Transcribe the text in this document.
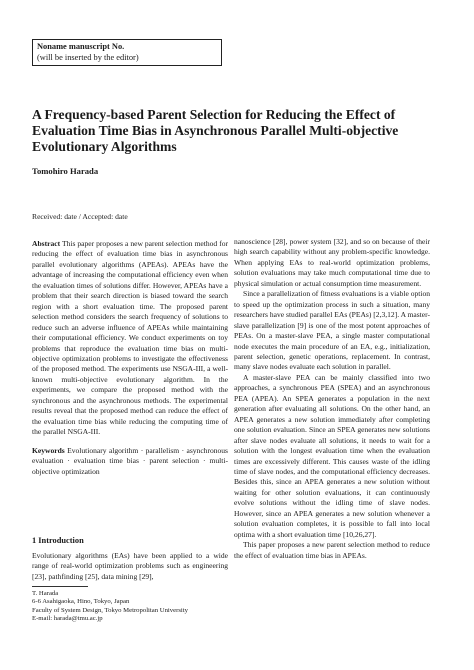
Noname manuscript No.
(will be inserted by the editor)
A Frequency-based Parent Selection for Reducing the Effect of Evaluation Time Bias in Asynchronous Parallel Multi-objective Evolutionary Algorithms
Tomohiro Harada
Received: date / Accepted: date

Abstract This paper proposes a new parent selection method for reducing the effect of evaluation time bias in asynchronous parallel evolutionary algorithms (APEAs). APEAs have the advantage of increasing the computational efficiency even when the evaluation times of solutions differ. However, APEAs have a problem that their search direction is biased toward the search region with a short evaluation time. The proposed parent selection method considers the search frequency of solutions to reduce such an adverse influence of APEAs while maintaining their computational efficiency. We conduct experiments on toy problems that reproduce the evaluation time bias on multi-objective optimization problems to investigate the effectiveness of the proposed method. The experiments use NSGA-III, a well-known multi-objective evolutionary algorithm. In the experiments, we compare the proposed method with the synchronous and the asynchronous methods. The experimental results reveal that the proposed method can reduce the effect of the evaluation time bias while reducing the computing time of the parallel NSGA-III.

Keywords Evolutionary algorithm · parallelism · asynchronous evaluation · evaluation time bias · parent selection · multi-objective optimization

1 Introduction

Evolutionary algorithms (EAs) have been applied to a wide range of real-world optimization problems such as engineering [23], pathfinding [25], data mining [29],

T. Harada
6-6 Asahigaoka, Hino, Tokyo, Japan
Faculty of System Design, Tokyo Metropolitan University
E-mail: harada@tmu.ac.jp

nanoscience [28], power system [32], and so on because of their high search capability without any problem-specific knowledge. When applying EAs to real-world optimization problems, solution evaluations may take much computational time due to physical simulation or actual consumption time measurement.

Since a parallelization of fitness evaluations is a viable option to speed up the optimization process in such a situation, many researchers have studied parallel EAs (PEAs) [2,3,12]. A master-slave parallelization [9] is one of the most potent approaches of PEAs. On a master-slave PEA, a single master computational node executes the main procedure of an EA, e.g., initialization, parent selection, genetic operations, replacement. In contrast, many slave nodes evaluate each solution in parallel.

A master-slave PEA can be mainly classified into two approaches, a synchronous PEA (SPEA) and an asynchronous PEA (APEA). An SPEA generates a population in the next generation after evaluating all solutions. On the other hand, an APEA generates a new solution immediately after completing one solution evaluation. Since an SPEA generates new solutions after slave nodes evaluate all solutions, it needs to wait for a solution with the longest evaluation time when the evaluation times are excessively different. This causes waste of the idling time of slave nodes, and the computational efficiency decreases. Besides this, since an APEA generates a new solution without waiting for other solution evaluations, it can continuously evolve solutions without the idling time of slave nodes. However, since an APEA generates a new solution whenever a solution evaluation completes, it is possible to fall into local optima with a short evaluation time [10,26,27].

This paper proposes a new parent selection method to reduce the effect of evaluation time bias in APEAs.
